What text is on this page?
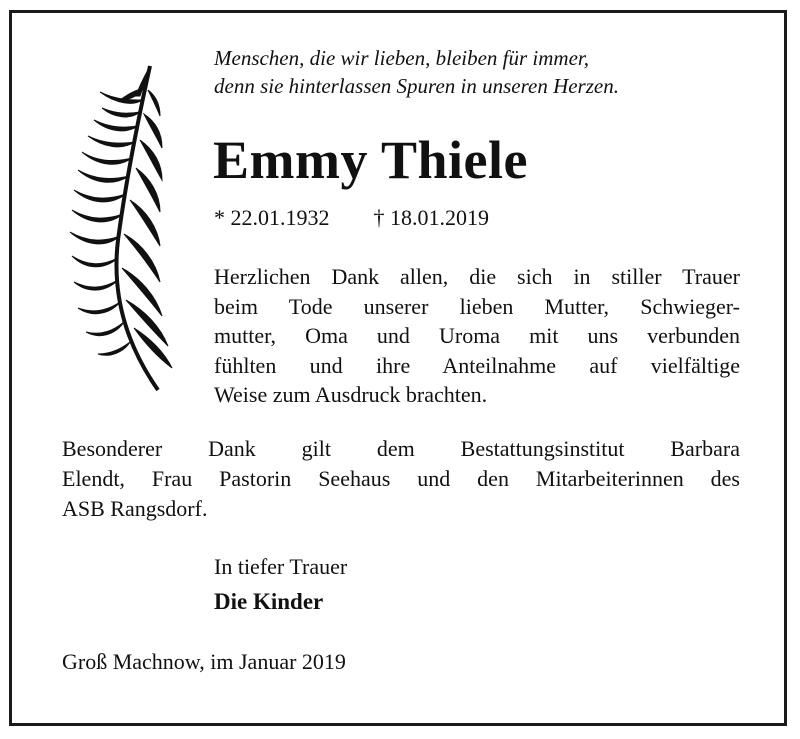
Menschen, die wir lieben, bleiben für immer,
denn sie hinterlassen Spuren in unseren Herzen.
Emmy Thiele
* 22.01.1932 † 18.01.2019
Herzlichen Dank allen, die sich in stiller Trauer
beim Tode unserer lieben Mutter, Schwieger-
mutter, Oma und Uroma mit uns verbunden
fühlten und ihre Anteilnahme auf vielfältige
Weise zum Ausdruck brachten.
Besonderer Dank gilt dem Bestattungsinstitut Barbara
Elendt, Frau Pastorin Seehaus und den Mitarbeiterinnen des
ASB Rangsdorf.
In tiefer Trauer
Die Kinder
Groß Machnow, im Januar 2019
